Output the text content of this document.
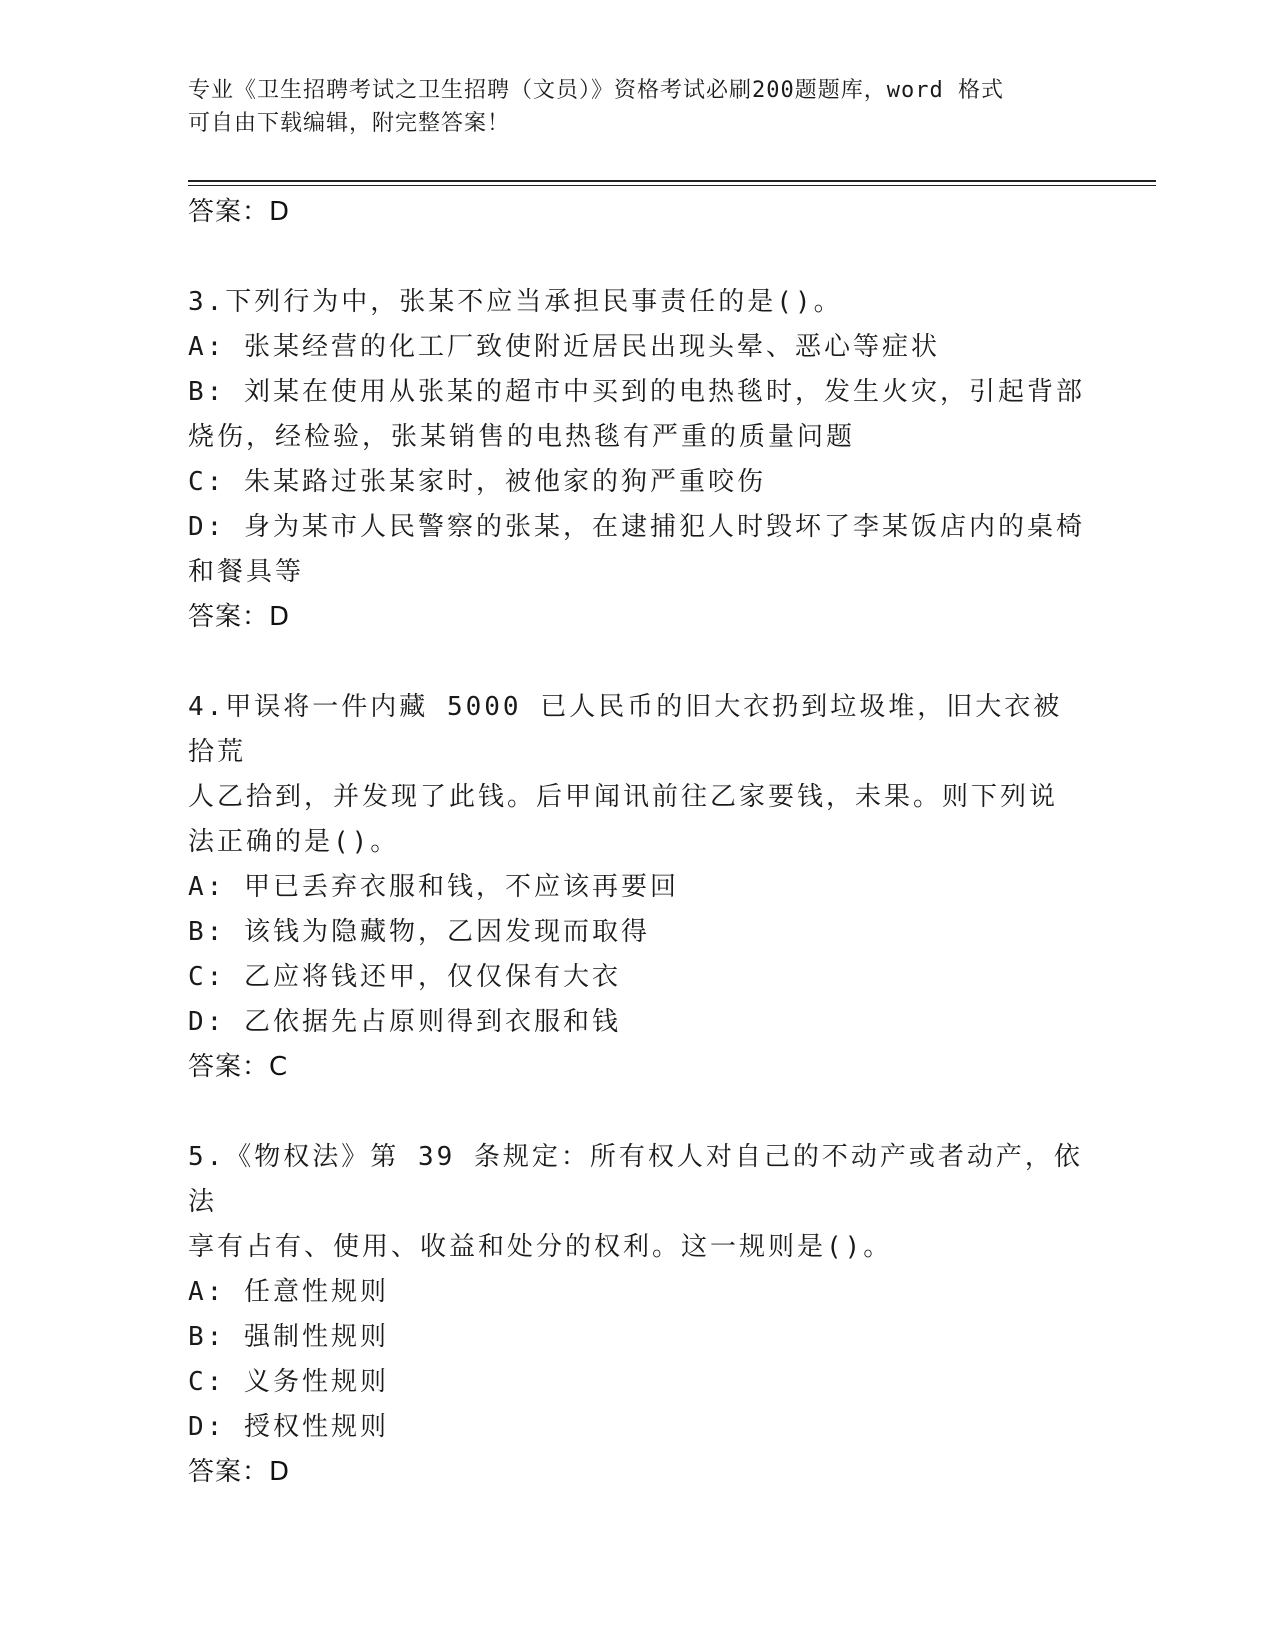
专业《卫生招聘考试之卫生招聘（文员）》资格考试必刷200题题库，word 格式
可自由下载编辑，附完整答案！
答案：D
3.下列行为中，张某不应当承担民事责任的是()。
A: 张某经营的化工厂致使附近居民出现头晕、恶心等症状
B: 刘某在使用从张某的超市中买到的电热毯时，发生火灾，引起背部
烧伤，经检验，张某销售的电热毯有严重的质量问题
C: 朱某路过张某家时，被他家的狗严重咬伤
D: 身为某市人民警察的张某，在逮捕犯人时毁坏了李某饭店内的桌椅
和餐具等
答案：D
4.甲误将一件内藏 5000 已人民币的旧大衣扔到垃圾堆，旧大衣被拾荒
人乙拾到，并发现了此钱。后甲闻讯前往乙家要钱，未果。则下列说
法正确的是()。
A: 甲已丢弃衣服和钱，不应该再要回
B: 该钱为隐藏物，乙因发现而取得
C: 乙应将钱还甲，仅仅保有大衣
D: 乙依据先占原则得到衣服和钱
答案：C
5.《物权法》第 39 条规定：所有权人对自己的不动产或者动产，依法
享有占有、使用、收益和处分的权利。这一规则是()。
A: 任意性规则
B: 强制性规则
C: 义务性规则
D: 授权性规则
答案：D
